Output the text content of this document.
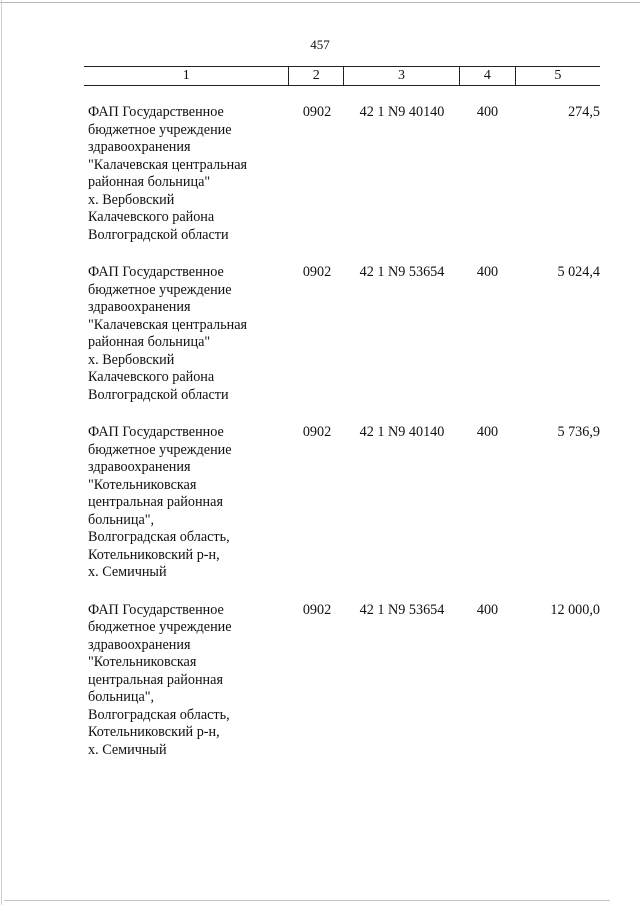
457
1	2	3	4	5
ФАП Государственное
бюджетное учреждение
здравоохранения
"Калачевская центральная
районная больница"
х. Вербовский
Калачевского района
Волгоградской области
0902	42 1 N9 40140	400	274,5
ФАП Государственное
бюджетное учреждение
здравоохранения
"Калачевская центральная
районная больница"
х. Вербовский
Калачевского района
Волгоградской области
0902	42 1 N9 53654	400	5 024,4
ФАП Государственное
бюджетное учреждение
здравоохранения
"Котельниковская
центральная районная
больница",
Волгоградская область,
Котельниковский р-н,
х. Семичный
0902	42 1 N9 40140	400	5 736,9
ФАП Государственное
бюджетное учреждение
здравоохранения
"Котельниковская
центральная районная
больница",
Волгоградская область,
Котельниковский р-н,
х. Семичный
0902	42 1 N9 53654	400	12 000,0
